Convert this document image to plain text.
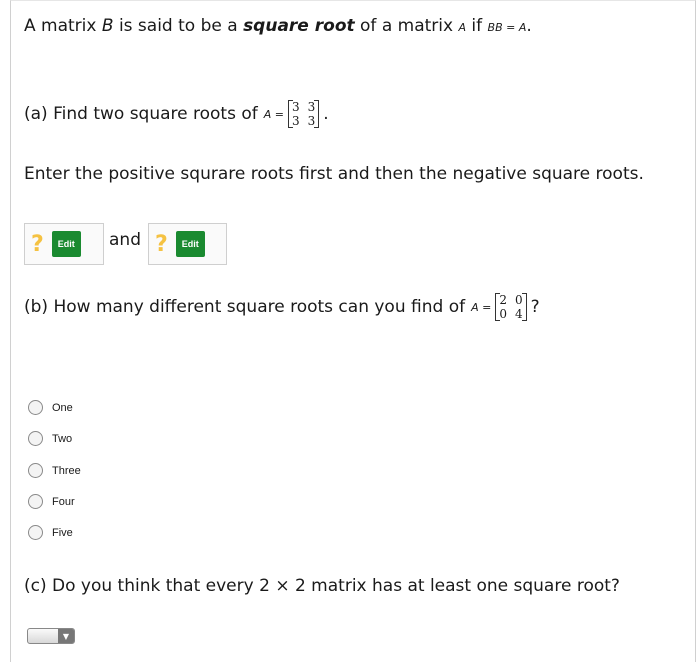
A matrix B is said to be a square root of a matrix A if BB = A.
(a) Find two square roots of A = 3 3
3 3 .
Enter the positive squrare roots first and then the negative square roots.
?	Edit	and ?	Edit
(b) How many different square roots can you find of A = 2 0
0 4 ?
One
Two
Three
Four
Five
(c) Do you think that every 2 × 2 matrix has at least one square root?
▼
